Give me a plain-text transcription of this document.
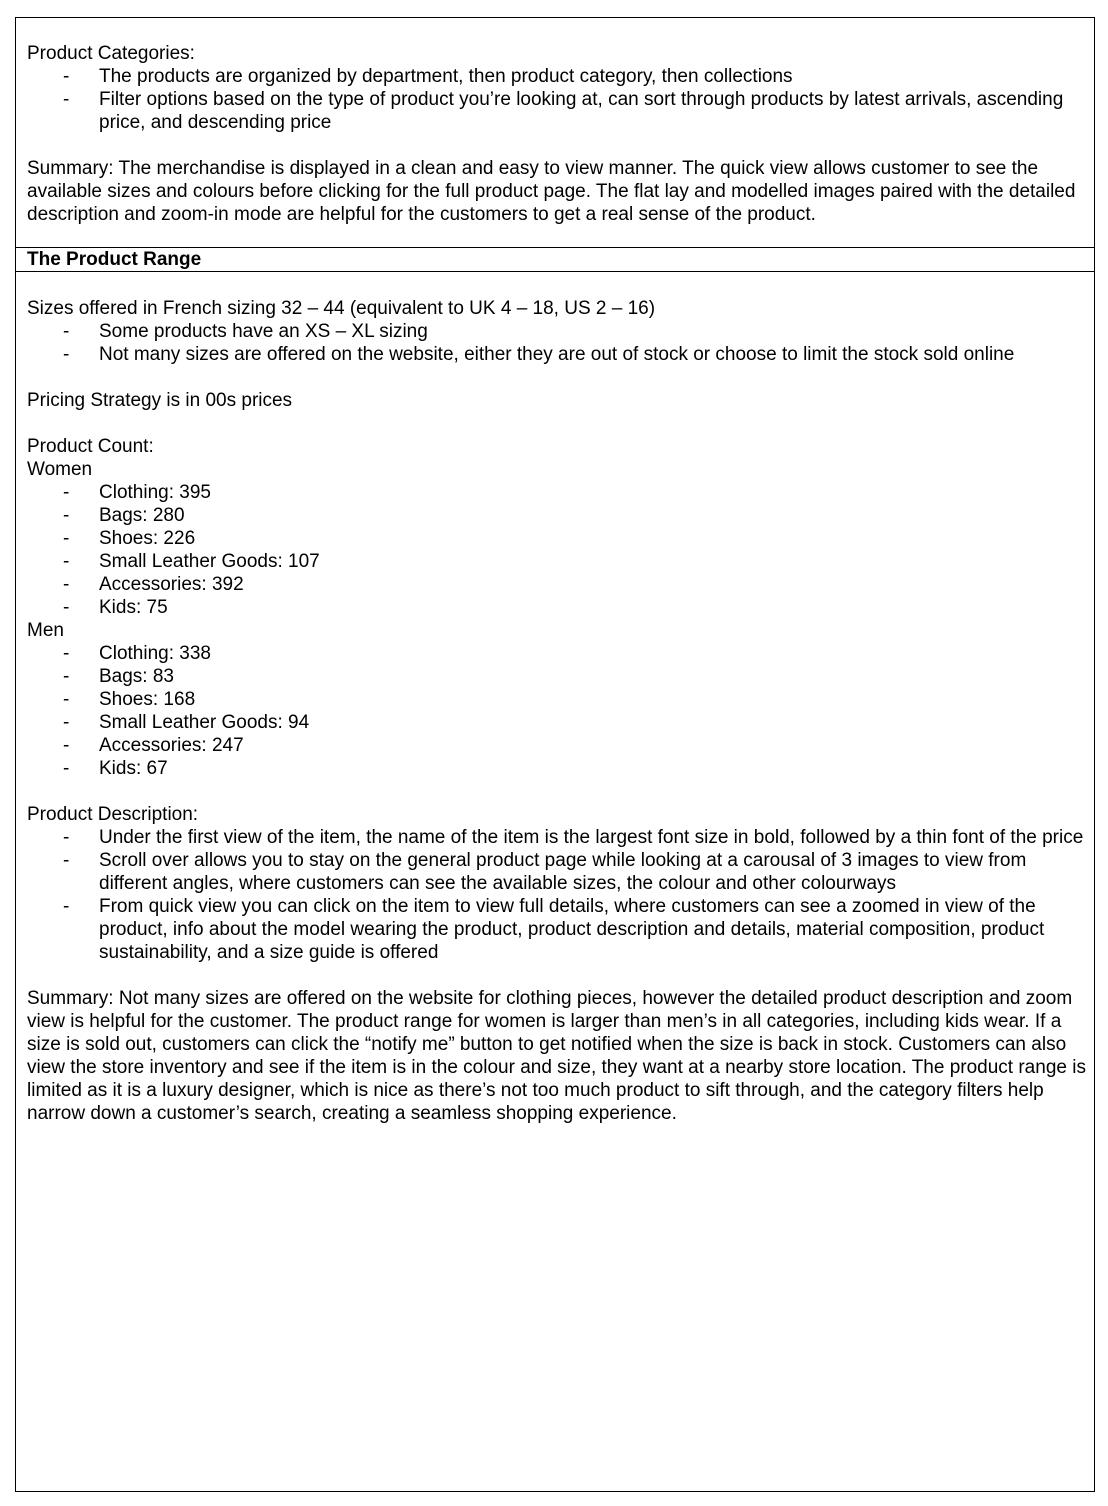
Product Categories:
- The products are organized by department, then product category, then collections
- Filter options based on the type of product you’re looking at, can sort through products by latest arrivals, ascending price, and descending price

Summary: The merchandise is displayed in a clean and easy to view manner. The quick view allows customer to see the available sizes and colours before clicking for the full product page. The flat lay and modelled images paired with the detailed description and zoom-in mode are helpful for the customers to get a real sense of the product.

The Product Range
Sizes offered in French sizing 32 – 44 (equivalent to UK 4 – 18, US 2 – 16)
- Some products have an XS – XL sizing
- Not many sizes are offered on the website, either they are out of stock or choose to limit the stock sold online
Pricing Strategy is in 00s prices
Product Count:
Women
- Clothing: 395
- Bags: 280
- Shoes: 226
- Small Leather Goods: 107
- Accessories: 392
- Kids: 75
Men
- Clothing: 338
- Bags: 83
- Shoes: 168
- Small Leather Goods: 94
- Accessories: 247
- Kids: 67
Product Description:
- Under the first view of the item, the name of the item is the largest font size in bold, followed by a thin font of the price
- Scroll over allows you to stay on the general product page while looking at a carousal of 3 images to view from different angles, where customers can see the available sizes, the colour and other colourways
- From quick view you can click on the item to view full details, where customers can see a zoomed in view of the product, info about the model wearing the product, product description and details, material composition, product sustainability, and a size guide is offered

Summary: Not many sizes are offered on the website for clothing pieces, however the detailed product description and zoom view is helpful for the customer. The product range for women is larger than men’s in all categories, including kids wear. If a size is sold out, customers can click the “notify me” button to get notified when the size is back in stock. Customers can also view the store inventory and see if the item is in the colour and size, they want at a nearby store location. The product range is limited as it is a luxury designer, which is nice as there’s not too much product to sift through, and the category filters help narrow down a customer’s search, creating a seamless shopping experience.
